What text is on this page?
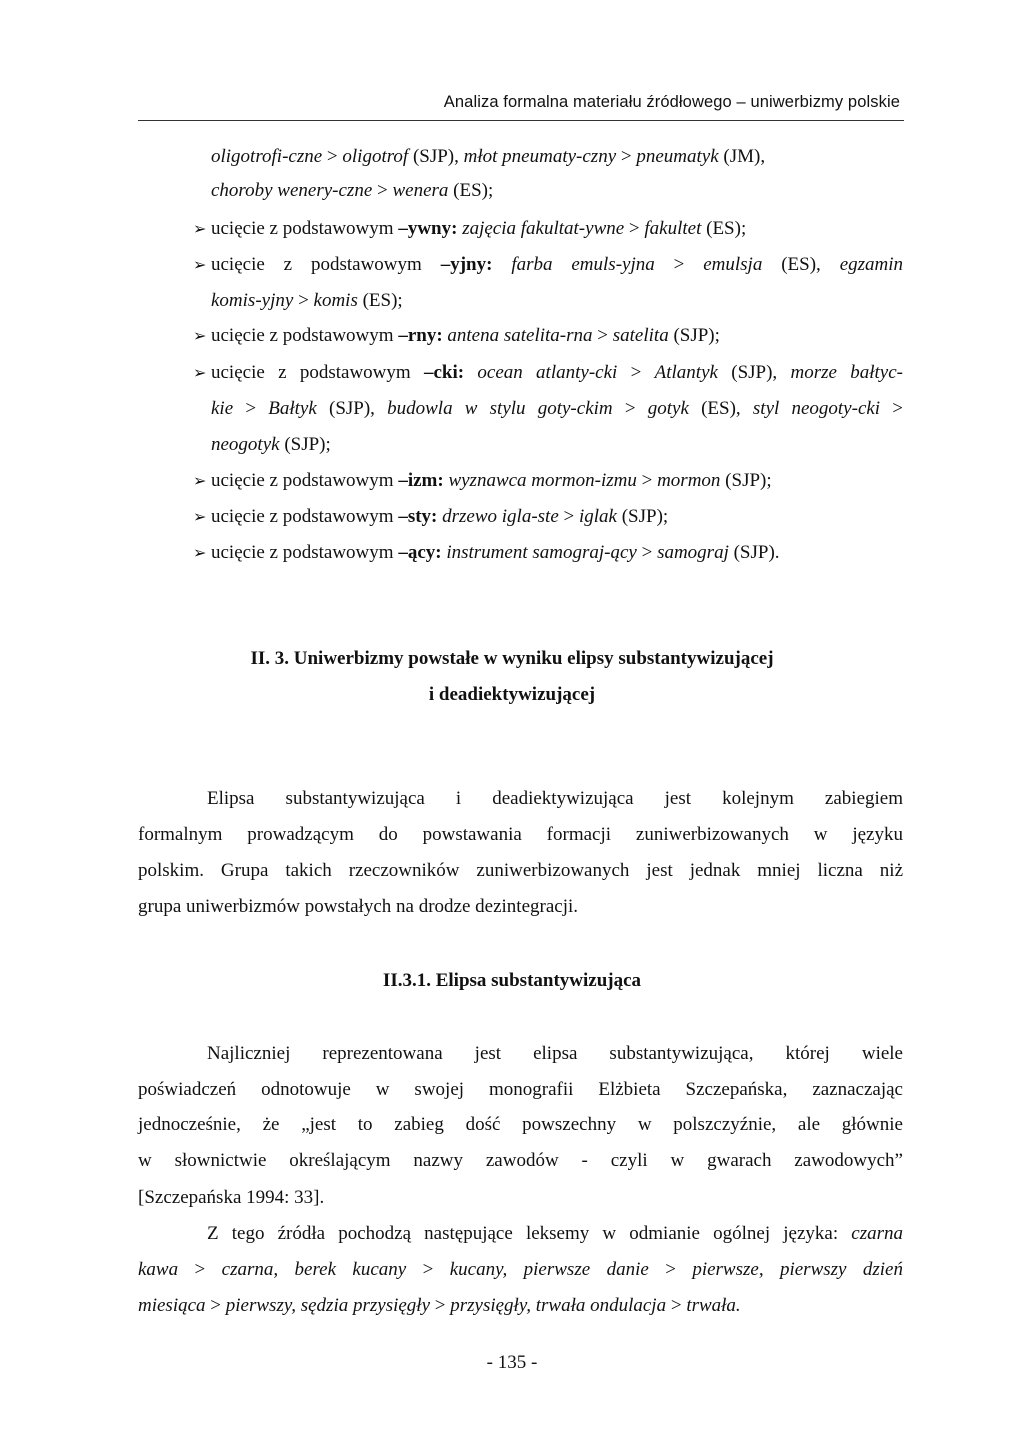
Analiza formalna materiału źródłowego – uniwerbizmy polskie
oligotrofi-czne > oligotrof (SJP), młot pneumaty-czny > pneumatyk (JM),
choroby wenery-czne > wenera (ES);
➢ ucięcie z podstawowym –ywny: zajęcia fakultat-ywne > fakultet (ES);
➢ ucięcie z podstawowym –yjny: farba emuls-yjna > emulsja (ES), egzamin
komis-yjny > komis (ES);
➢ ucięcie z podstawowym –rny: antena satelita-rna > satelita (SJP);
➢ ucięcie z podstawowym –cki: ocean atlanty-cki > Atlantyk (SJP), morze bałtyc-
kie > Bałtyk (SJP), budowla w stylu goty-ckim > gotyk (ES), styl neogoty-cki >
neogotyk (SJP);
➢ ucięcie z podstawowym –izm: wyznawca mormon-izmu > mormon (SJP);
➢ ucięcie z podstawowym –sty: drzewo igla-ste > iglak (SJP);
➢ ucięcie z podstawowym –ący: instrument samograj-ący > samograj (SJP).
II. 3. Uniwerbizmy powstałe w wyniku elipsy substantywizującej
i deadiektywizującej
Elipsa substantywizująca i deadiektywizująca jest kolejnym zabiegiem
formalnym prowadzącym do powstawania formacji zuniwerbizowanych w języku
polskim. Grupa takich rzeczowników zuniwerbizowanych jest jednak mniej liczna niż
grupa uniwerbizmów powstałych na drodze dezintegracji.
II.3.1. Elipsa substantywizująca
Najliczniej reprezentowana jest elipsa substantywizująca, której wiele
poświadczeń odnotowuje w swojej monografii Elżbieta Szczepańska, zaznaczając
jednocześnie, że „jest to zabieg dość powszechny w polszczyźnie, ale głównie
w słownictwie określającym nazwy zawodów - czyli w gwarach zawodowych”
[Szczepańska 1994: 33].
Z tego źródła pochodzą następujące leksemy w odmianie ogólnej języka: czarna
kawa > czarna, berek kucany > kucany, pierwsze danie > pierwsze, pierwszy dzień
miesiąca > pierwszy, sędzia przysięgły > przysięgły, trwała ondulacja > trwała.
- 135 -
